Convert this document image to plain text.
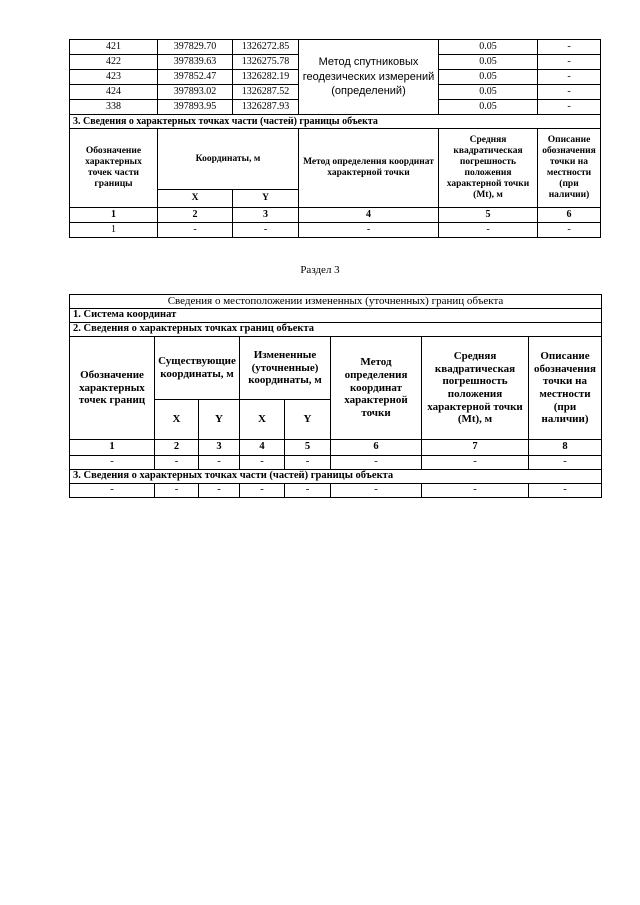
421	397829.70	1326272.85	Метод спутниковых геодезических измерений (определений)	0.05	-
422	397839.63	1326275.78		0.05	-
423	397852.47	1326282.19		0.05	-
424	397893.02	1326287.52		0.05	-
338	397893.95	1326287.93		0.05	-
3. Сведения о характерных точках части (частей) границы объекта					
Обозначение характерных точек части границы	Координаты, м		Метод определения координат характерной точки	Средняя квадратическая погрешность положения характерной точки (Mt), м	Описание обозначения точки на местности (при наличии)
	X	Y			
1	2	3	4	5	6
1	-	-	-	-	-
Раздел 3
Сведения о местоположении измененных (уточненных) границ объекта							
1. Система координат							
2. Сведения о характерных точках границ объекта							
Обозначение характерных точек границ	Существующие координаты, м		Измененные (уточненные) координаты, м		Метод определения координат характерной точки	Средняя квадратическая погрешность положения характерной точки (Mt), м	Описание обозначения точки на местности (при наличии)
	X	Y	X	Y			
1	2	3	4	5	6	7	8
-	-	-	-	-	-	-	-
3. Сведения о характерных точках части (частей) границы объекта							
-	-	-	-	-	-	-	-
